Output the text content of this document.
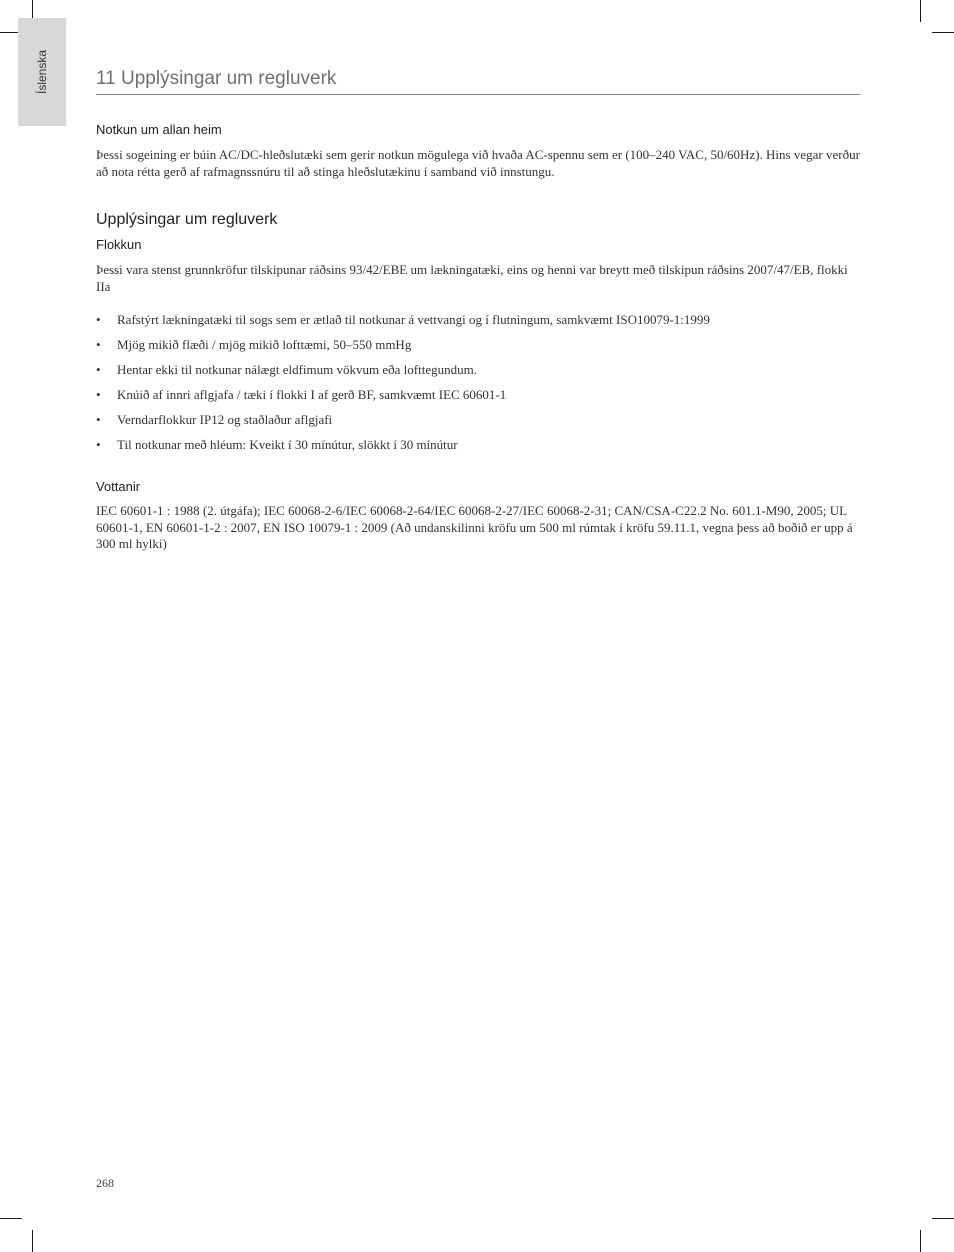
Íslenska 11 Upplýsingar um regluverk
Notkun um allan heim

Þessi sogeining er búin AC/DC-hleðslutæki sem gerir notkun mögulega við hvaða AC-spennu sem er (100–240 VAC, 50/60Hz). Hins vegar verður að nota rétta gerð af rafmagnssnúru til að stinga hleðslutækinu í samband við innstungu.

Upplýsingar um regluverk
Flokkun

Þessi vara stenst grunnkröfur tilskipunar ráðsins 93/42/EBE um lækningatæki, eins og henni var breytt með tilskipun ráðsins 2007/47/EB, flokki IIa

• Rafstýrt lækningatæki til sogs sem er ætlað til notkunar á vettvangi og í flutningum, samkvæmt ISO10079-1:1999
• Mjög mikið flæði / mjög mikið lofttæmi, 50–550 mmHg
• Hentar ekki til notkunar nálægt eldfimum vökvum eða lofttegundum.
• Knúið af innri aflgjafa / tæki í flokki I af gerð BF, samkvæmt IEC 60601-1
• Verndarflokkur IP12 og staðlaður aflgjafi
• Til notkunar með hléum: Kveikt í 30 mínútur, slökkt í 30 mínútur
Vottanir

IEC 60601-1 : 1988 (2. útgáfa); IEC 60068-2-6/IEC 60068-2-64/IEC 60068-2-27/IEC 60068-2-31; CAN/CSA-C22.2 No. 601.1-M90, 2005; UL 60601-1, EN 60601-1-2 : 2007, EN ISO 10079-1 : 2009 (Að undanskilinni kröfu um 500 ml rúmtak í kröfu 59.11.1, vegna þess að boðið er upp á 300 ml hylki)

268
